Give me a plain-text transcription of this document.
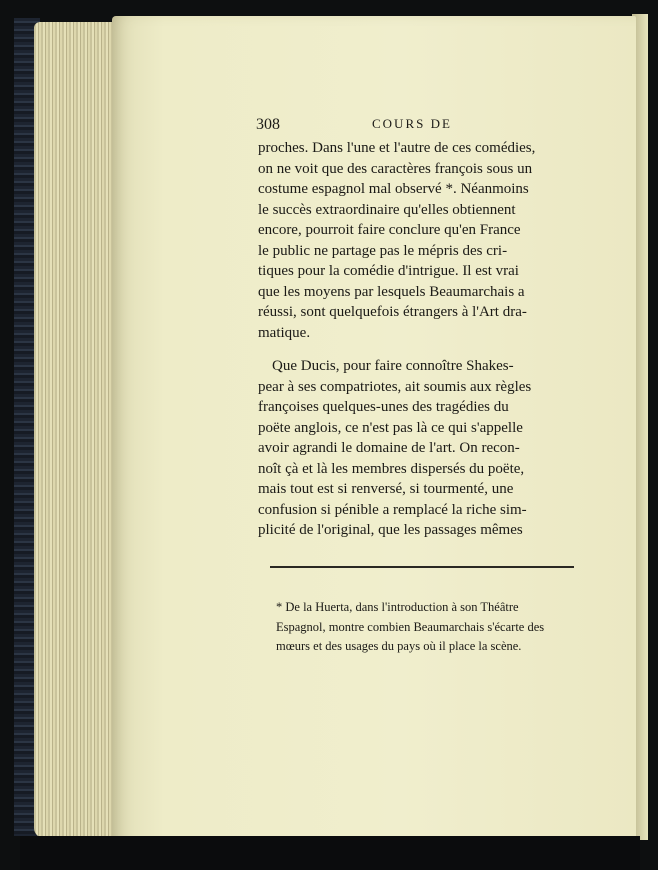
308	COURS DE

proches. Dans l'une et l'autre de ces comédies,

on ne voit que des caractères françois sous un

costume espagnol mal observé *. Néanmoins

le succès extraordinaire qu'elles obtiennent

encore, pourroit faire conclure qu'en France

le public ne partage pas le mépris des cri-

tiques pour la comédie d'intrigue. Il est vrai

que les moyens par lesquels Beaumarchais a

réussi, sont quelquefois étrangers à l'Art dra-

matique.

Que Ducis, pour faire connoître Shakes-

pear à ses compatriotes, ait soumis aux règles

françoises quelques-unes des tragédies du

poëte anglois, ce n'est pas là ce qui s'appelle

avoir agrandi le domaine de l'art. On recon-

noît çà et là les membres dispersés du poëte,

mais tout est si renversé, si tourmenté, une

confusion si pénible a remplacé la riche sim-

plicité de l'original, que les passages mêmes

* De la Huerta, dans l'introduction à son Théâtre

Espagnol, montre combien Beaumarchais s'écarte des

mœurs et des usages du pays où il place la scène.
